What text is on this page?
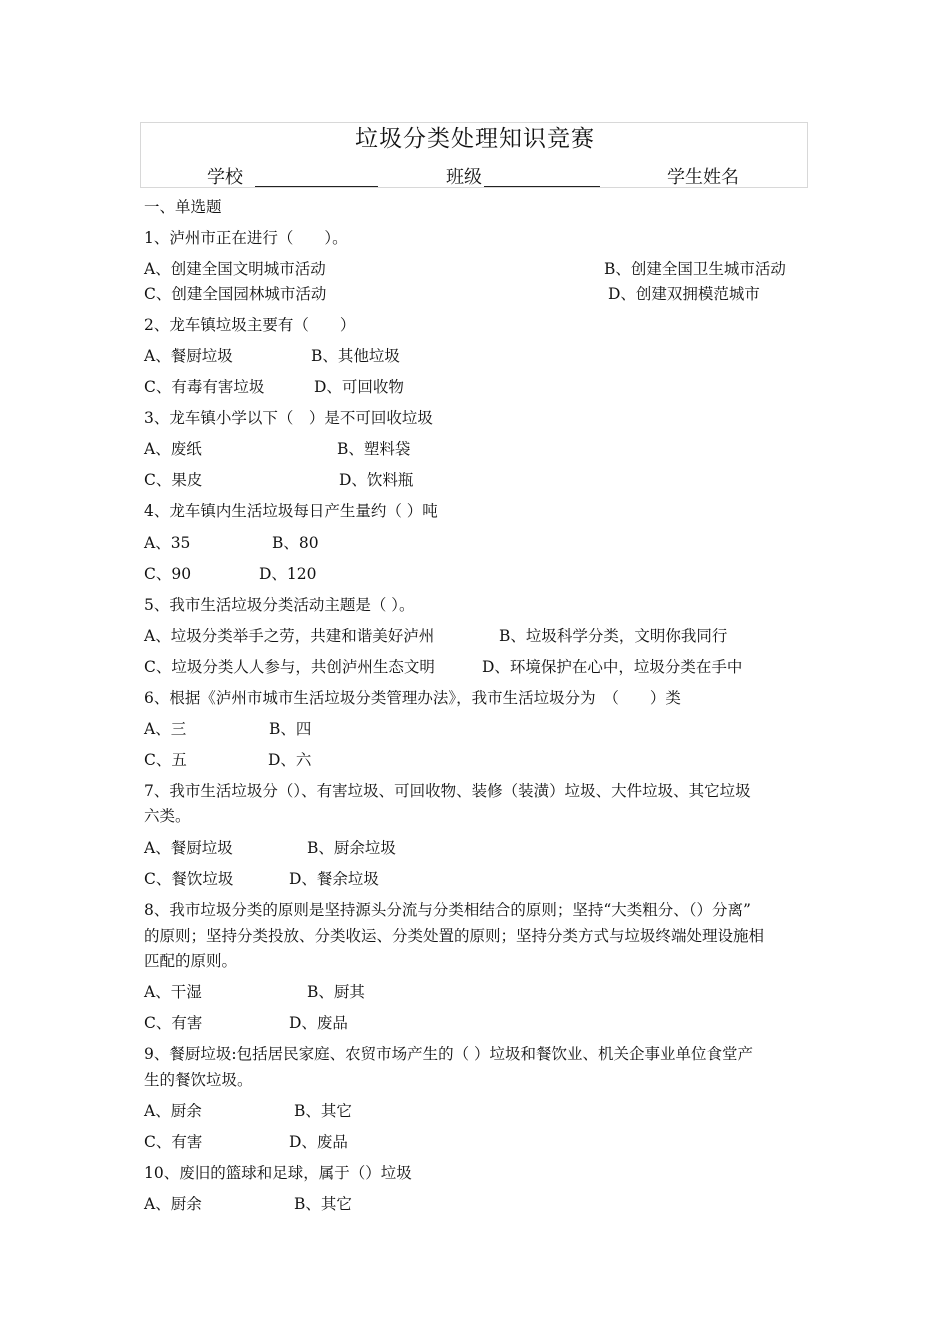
垃圾分类处理知识竞赛
学校	班级	学生姓名
一、单选题
1、泸州市正在进行（　　）。
A、创建全国文明城市活动	B、创建全国卫生城市活动
C、创建全国园林城市活动	D、创建双拥模范城市
2、龙车镇垃圾主要有（　　）
A、餐厨垃圾	B、其他垃圾
C、有毒有害垃圾	D、可回收物
3、龙车镇小学以下（　）是不可回收垃圾
A、废纸	B、塑料袋
C、果皮	D、饮料瓶
4、龙车镇内生活垃圾每日产生量约（ ）吨
A、35	B、80
C、90	D、120
5、我市生活垃圾分类活动主题是（ ）。
A、垃圾分类举手之劳，共建和谐美好泸州	B、垃圾科学分类，文明你我同行
C、垃圾分类人人参与，共创泸州生态文明	D、环境保护在心中，垃圾分类在手中
6、根据《泸州市城市生活垃圾分类管理办法》，我市生活垃圾分为　（　　）类
A、三	B、四
C、五	D、六
7、我市生活垃圾分（）、有害垃圾、可回收物、装修（装潢）垃圾、大件垃圾、其它垃圾
六类。
A、餐厨垃圾	B、厨余垃圾
C、餐饮垃圾	D、餐余垃圾
8、我市垃圾分类的原则是坚持源头分流与分类相结合的原则；坚持“大类粗分、（）分离”
的原则；坚持分类投放、分类收运、分类处置的原则；坚持分类方式与垃圾终端处理设施相
匹配的原则。
A、干湿	B、厨其
C、有害	D、废品
9、餐厨垃圾:包括居民家庭、农贸市场产生的（ ）垃圾和餐饮业、机关企事业单位食堂产
生的餐饮垃圾。
A、厨余	B、其它
C、有害	D、废品
10、废旧的篮球和足球，属于（）垃圾
A、厨余	B、其它
